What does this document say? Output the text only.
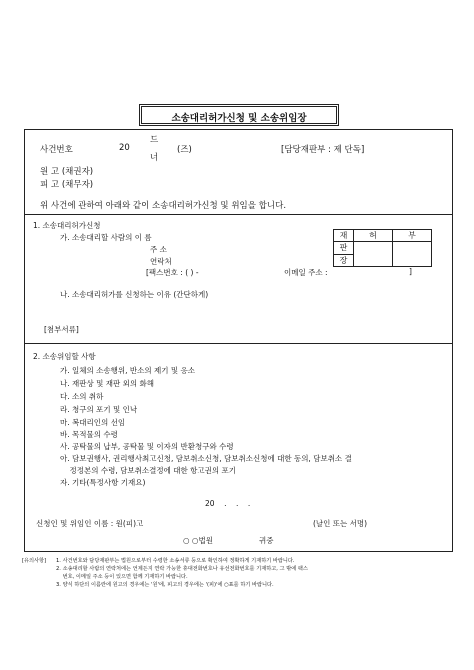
소송대리허가신청 및 소송위임장
사건번호	20
드
너
(즈)	[담당재판부 : 제 단독]
원 고 (채권자)
피 고 (채무자)
위 사건에 관하여 아래와 같이 소송대리허가신청 및 위임을 합니다.
1. 소송대리허가신청
가. 소송대리할 사람의 이 름
주 소
연락처
[팩스번호 : ( ) -	이메일 주소 :	]
나. 소송대리허가를 신청하는 이유 (간단하게)
[첨부서류]
재	허	부
판		
장		
2. 소송위임할 사항
가. 일체의 소송행위, 반소의 제기 및 응소
나. 재판상 및 재판 외의 화해
다. 소의 취하
라. 청구의 포기 및 인낙
마. 복대리인의 선임
바. 목적물의 수령
사. 공탁물의 납부, 공탁물 및 이자의 반환청구와 수령
아. 담보권행사, 권리행사최고신청, 담보취소신청, 담보취소신청에 대한 동의, 담보취소 결
정정본의 수령, 담보취소결정에 대한 항고권의 포기
자. 기타(특정사항 기재요)
20    .    .    .
신청인 및 위임인 이름 : 원(피)고	(날인 또는 서명)
○ ○법원	귀중
[유의사항] 1. 사건번호와 담당재판부는 법원으로부터 수령한 소송서류 등으로 확인하여 정확하게 기재하기 바랍니다.
2. 소송대리할 사람의 연락처에는 언제든지 연락 가능한 휴대전화번호나 유선전화번호를 기재하고, 그 밖에 팩스
번호, 이메일 주소 등이 있으면 함께 기재하기 바랍니다.
3. 양식 하단의 이름란에 원고의 경우에는 '원'에, 피고의 경우에는 '(피)'에 ○표를 하기 바랍니다.
